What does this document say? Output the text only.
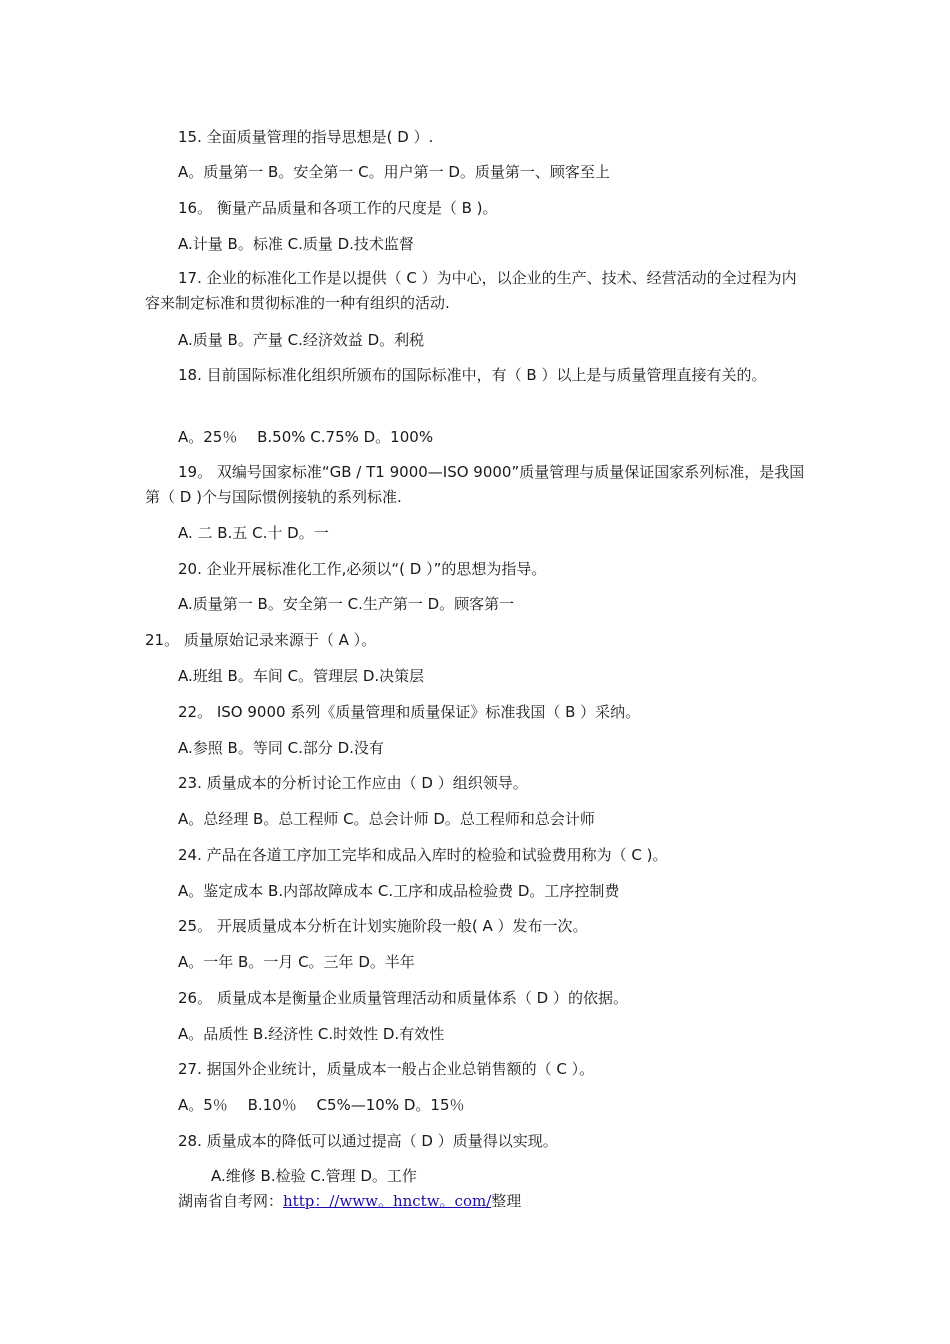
15. 全面质量管理的指导思想是( D ）.
A。质量第一 B。安全第一 C。用户第一 D。质量第一、顾客至上
16。 衡量产品质量和各项工作的尺度是（ B )。
A.计量 B。标准 C.质量 D.技术监督
17. 企业的标准化工作是以提供（ C ）为中心，以企业的生产、技术、经营活动的全过程为内容来制定标准和贯彻标准的一种有组织的活动.
A.质量 B。产量 C.经济效益 D。利税
18. 目前国际标准化组织所颁布的国际标准中，有（ B ）以上是与质量管理直接有关的。
A。25％　 B.50% C.75% D。100%
19。 双编号国家标准“GB / T1 9000—ISO 9000”质量管理与质量保证国家系列标准，是我国第（ D )个与国际惯例接轨的系列标准.
A. 二 B.五 C.十 D。一
20. 企业开展标准化工作,必须以“( D ）”的思想为指导。
A.质量第一 B。安全第一 C.生产第一 D。顾客第一
21。 质量原始记录来源于（ A ）。
A.班组 B。车间 C。管理层 D.决策层
22。 ISO 9000 系列《质量管理和质量保证》标准我国（ B ）采纳。
A.参照 B。等同 C.部分 D.没有
23. 质量成本的分析讨论工作应由（ D ）组织领导。
A。总经理 B。总工程师 C。总会计师 D。总工程师和总会计师
24. 产品在各道工序加工完毕和成品入库时的检验和试验费用称为（ C )。
A。鉴定成本 B.内部故障成本 C.工序和成品检验费 D。工序控制费
25。 开展质量成本分析在计划实施阶段一般( A ）发布一次。
A。一年 B。一月 C。三年 D。半年
26。 质量成本是衡量企业质量管理活动和质量体系（ D ）的依据。
A。品质性 B.经济性 C.时效性 D.有效性
27. 据国外企业统计，质量成本一般占企业总销售额的（ C ）。
A。5％　 B.10％　 C5%—10% D。15％
28. 质量成本的降低可以通过提高（ D ）质量得以实现。
A.维修 B.检验 C.管理 D。工作
湖南省自考网：http：//www。hnctw。com/整理
